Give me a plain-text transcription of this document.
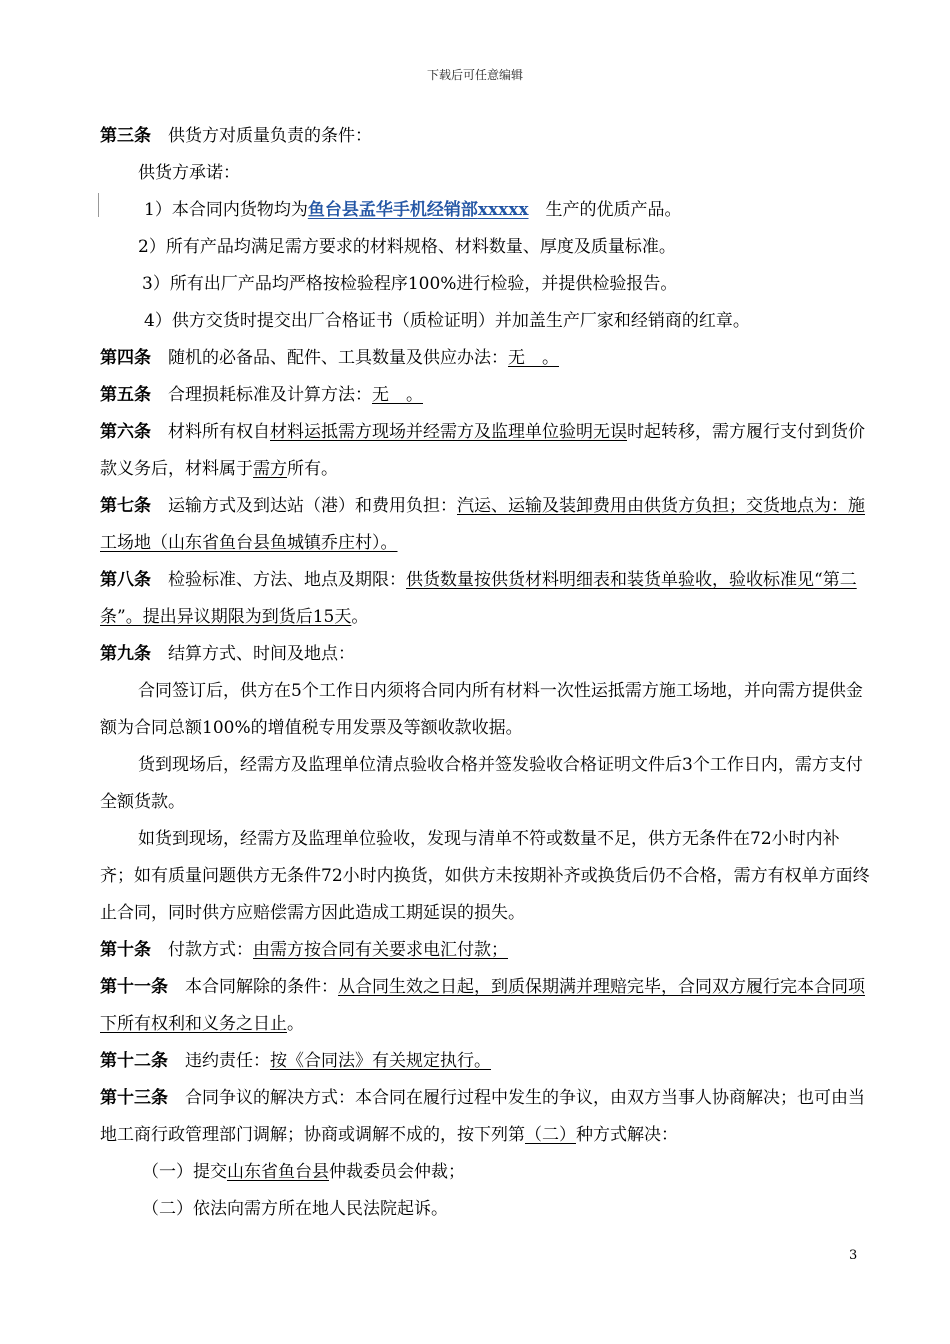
下载后可任意编辑

第三条　供货方对质量负责的条件：

供货方承诺：

1）本合同内货物均为鱼台县孟华手机经销部xxxxx　生产的优质产品。

2）所有产品均满足需方要求的材料规格、材料数量、厚度及质量标准。

3）所有出厂产品均严格按检验程序100%进行检验，并提供检验报告。

4）供方交货时提交出厂合格证书（质检证明）并加盖生产厂家和经销商的红章。

第四条　随机的必备品、配件、工具数量及供应办法：无　。

第五条　合理损耗标准及计算方法：无　。

第六条　材料所有权自材料运抵需方现场并经需方及监理单位验明无误时起转移，需方履行支付到货价款义务后，材料属于需方所有。

第七条　运输方式及到达站（港）和费用负担：汽运、运输及装卸费用由供货方负担；交货地点为：施工场地（山东省鱼台县鱼城镇乔庄村）。

第八条　检验标准、方法、地点及期限：供货数量按供货材料明细表和装货单验收，验收标准见“第二条”。提出异议期限为到货后15天。

第九条　结算方式、时间及地点：

合同签订后，供方在5个工作日内须将合同内所有材料一次性运抵需方施工场地，并向需方提供金额为合同总额100%的增值税专用发票及等额收款收据。

货到现场后，经需方及监理单位清点验收合格并签发验收合格证明文件后3个工作日内，需方支付全额货款。

如货到现场，经需方及监理单位验收，发现与清单不符或数量不足，供方无条件在72小时内补齐；如有质量问题供方无条件72小时内换货，如供方未按期补齐或换货后仍不合格，需方有权单方面终止合同，同时供方应赔偿需方因此造成工期延误的损失。

第十条　付款方式：由需方按合同有关要求电汇付款；

第十一条　本合同解除的条件：从合同生效之日起，到质保期满并理赔完毕，合同双方履行完本合同项下所有权利和义务之日止。

第十二条　违约责任：按《合同法》有关规定执行。

第十三条　合同争议的解决方式：本合同在履行过程中发生的争议，由双方当事人协商解决；也可由当地工商行政管理部门调解；协商或调解不成的，按下列第（二）种方式解决：

（一）提交山东省鱼台县仲裁委员会仲裁；

（二）依法向需方所在地人民法院起诉。

3
